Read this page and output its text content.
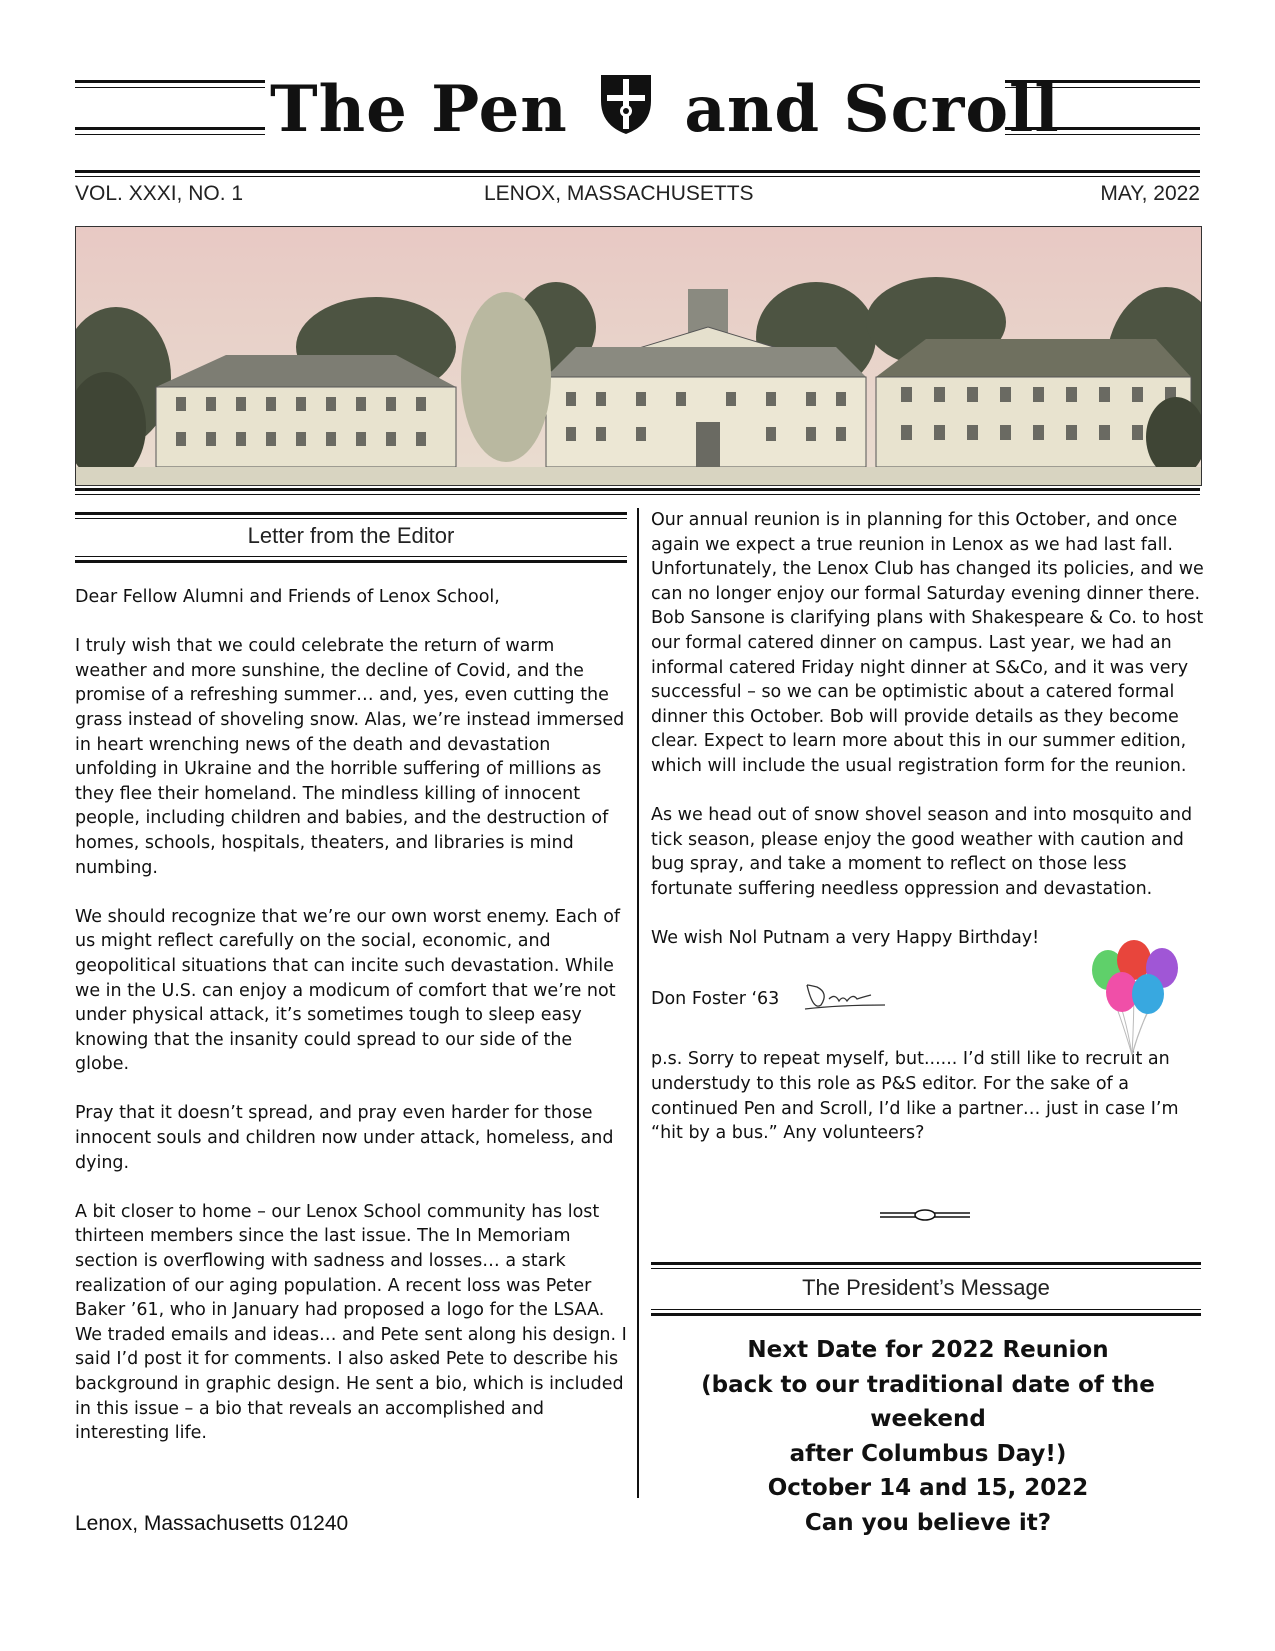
The Pen and Scroll
VOL. XXXI, NO. 1	LENOX, MASSACHUSETTS	MAY, 2022
Letter from the Editor

Dear Fellow Alumni and Friends of Lenox School,

I truly wish that we could celebrate the return of warm weather and more sunshine, the decline of Covid, and the promise of a refreshing summer… and, yes, even cutting the grass instead of shoveling snow. Alas, we’re instead immersed in heart wrenching news of the death and devastation unfolding in Ukraine and the horrible suffering of millions as they flee their homeland. The mindless killing of innocent people, including children and babies, and the destruction of homes, schools, hospitals, theaters, and libraries is mind numbing.

We should recognize that we’re our own worst enemy. Each of us might reflect carefully on the social, economic, and geopolitical situations that can incite such devastation. While we in the U.S. can enjoy a modicum of comfort that we’re not under physical attack, it’s sometimes tough to sleep easy knowing that the insanity could spread to our side of the globe.

Pray that it doesn’t spread, and pray even harder for those innocent souls and children now under attack, homeless, and dying.

A bit closer to home – our Lenox School community has lost thirteen members since the last issue. The In Memoriam section is overflowing with sadness and losses… a stark realization of our aging population. A recent loss was Peter Baker ’61, who in January had proposed a logo for the LSAA. We traded emails and ideas… and Pete sent along his design. I said I’d post it for comments. I also asked Pete to describe his background in graphic design. He sent a bio, which is included in this issue – a bio that reveals an accomplished and interesting life.

Our annual reunion is in planning for this October, and once again we expect a true reunion in Lenox as we had last fall. Unfortunately, the Lenox Club has changed its policies, and we can no longer enjoy our formal Saturday evening dinner there. Bob Sansone is clarifying plans with Shakespeare & Co. to host our formal catered dinner on campus. Last year, we had an informal catered Friday night dinner at S&Co, and it was very successful – so we can be optimistic about a catered formal dinner this October. Bob will provide details as they become clear. Expect to learn more about this in our summer edition, which will include the usual registration form for the reunion.

As we head out of snow shovel season and into mosquito and tick season, please enjoy the good weather with caution and bug spray, and take a moment to reflect on those less fortunate suffering needless oppression and devastation.

We wish Nol Putnam a very Happy Birthday!

Don Foster ‘63

p.s. Sorry to repeat myself, but...... I’d still like to recruit an understudy to this role as P&S editor. For the sake of a continued Pen and Scroll, I’d like a partner… just in case I’m “hit by a bus.” Any volunteers?

The President’s Message
Next Date for 2022 Reunion
(back to our traditional date of the weekend
after Columbus Day!)
October 14 and 15, 2022
Can you believe it?
Lenox, Massachusetts 01240
